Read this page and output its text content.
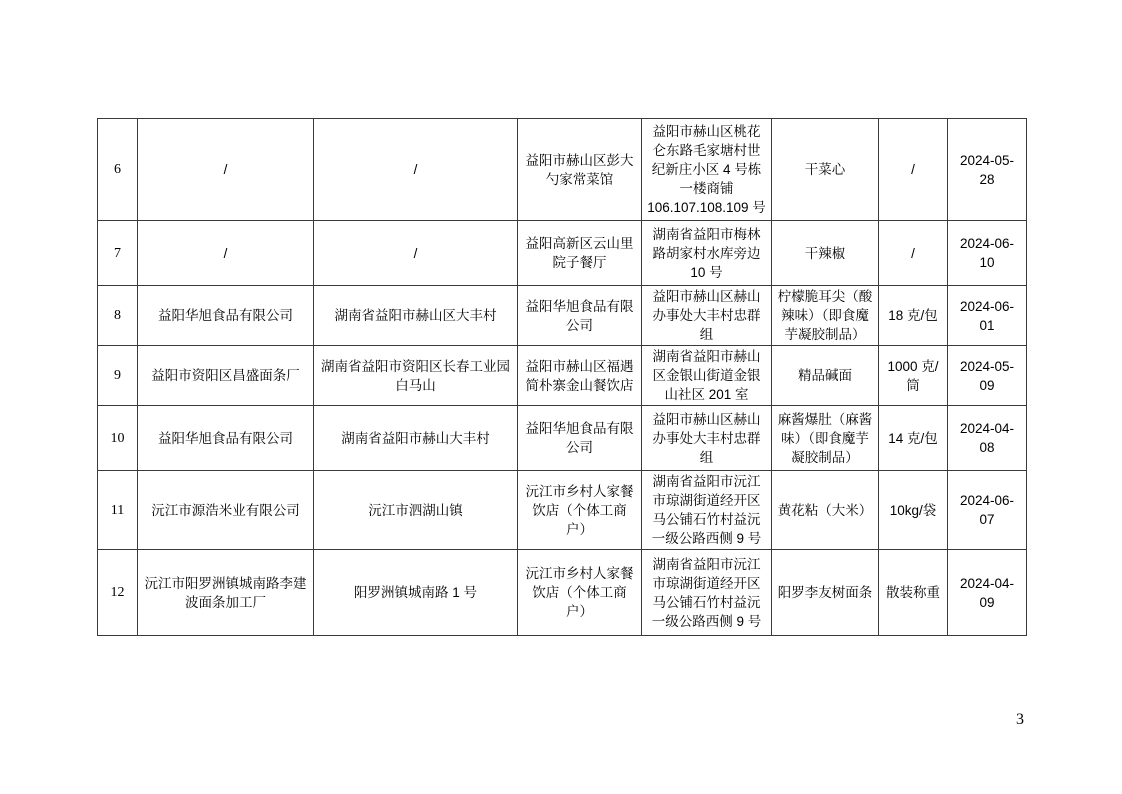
6	/	/	益阳市赫山区彭大勺家常菜馆	益阳市赫山区桃花仑东路毛家塘村世纪新庄小区 4 号栋一楼商铺 106.107.108.109 号	干菜心	/	2024-05-28
7	/	/	益阳高新区云山里院子餐厅	湖南省益阳市梅林路胡家村水库旁边 10 号	干辣椒	/	2024-06-10
8	益阳华旭食品有限公司	湖南省益阳市赫山区大丰村	益阳华旭食品有限公司	益阳市赫山区赫山办事处大丰村忠群组	柠檬脆耳尖（酸辣味）（即食魔芋凝胶制品）	18 克/包	2024-06-01
9	益阳市资阳区昌盛面条厂	湖南省益阳市资阳区长春工业园白马山	益阳市赫山区福遇简朴寨金山餐饮店	湖南省益阳市赫山区金银山街道金银山社区 201 室	精品碱面	1000 克/筒	2024-05-09
10	益阳华旭食品有限公司	湖南省益阳市赫山大丰村	益阳华旭食品有限公司	益阳市赫山区赫山办事处大丰村忠群组	麻酱爆肚（麻酱味）（即食魔芋凝胶制品）	14 克/包	2024-04-08
11	沅江市源浩米业有限公司	沅江市泗湖山镇	沅江市乡村人家餐饮店（个体工商户）	湖南省益阳市沅江市琼湖街道经开区马公铺石竹村益沅一级公路西侧 9 号	黄花粘（大米）	10kg/袋	2024-06-07
12	沅江市阳罗洲镇城南路李建波面条加工厂	阳罗洲镇城南路 1 号	沅江市乡村人家餐饮店（个体工商户）	湖南省益阳市沅江市琼湖街道经开区马公铺石竹村益沅一级公路西侧 9 号	阳罗李友树面条	散装称重	2024-04-09
3
